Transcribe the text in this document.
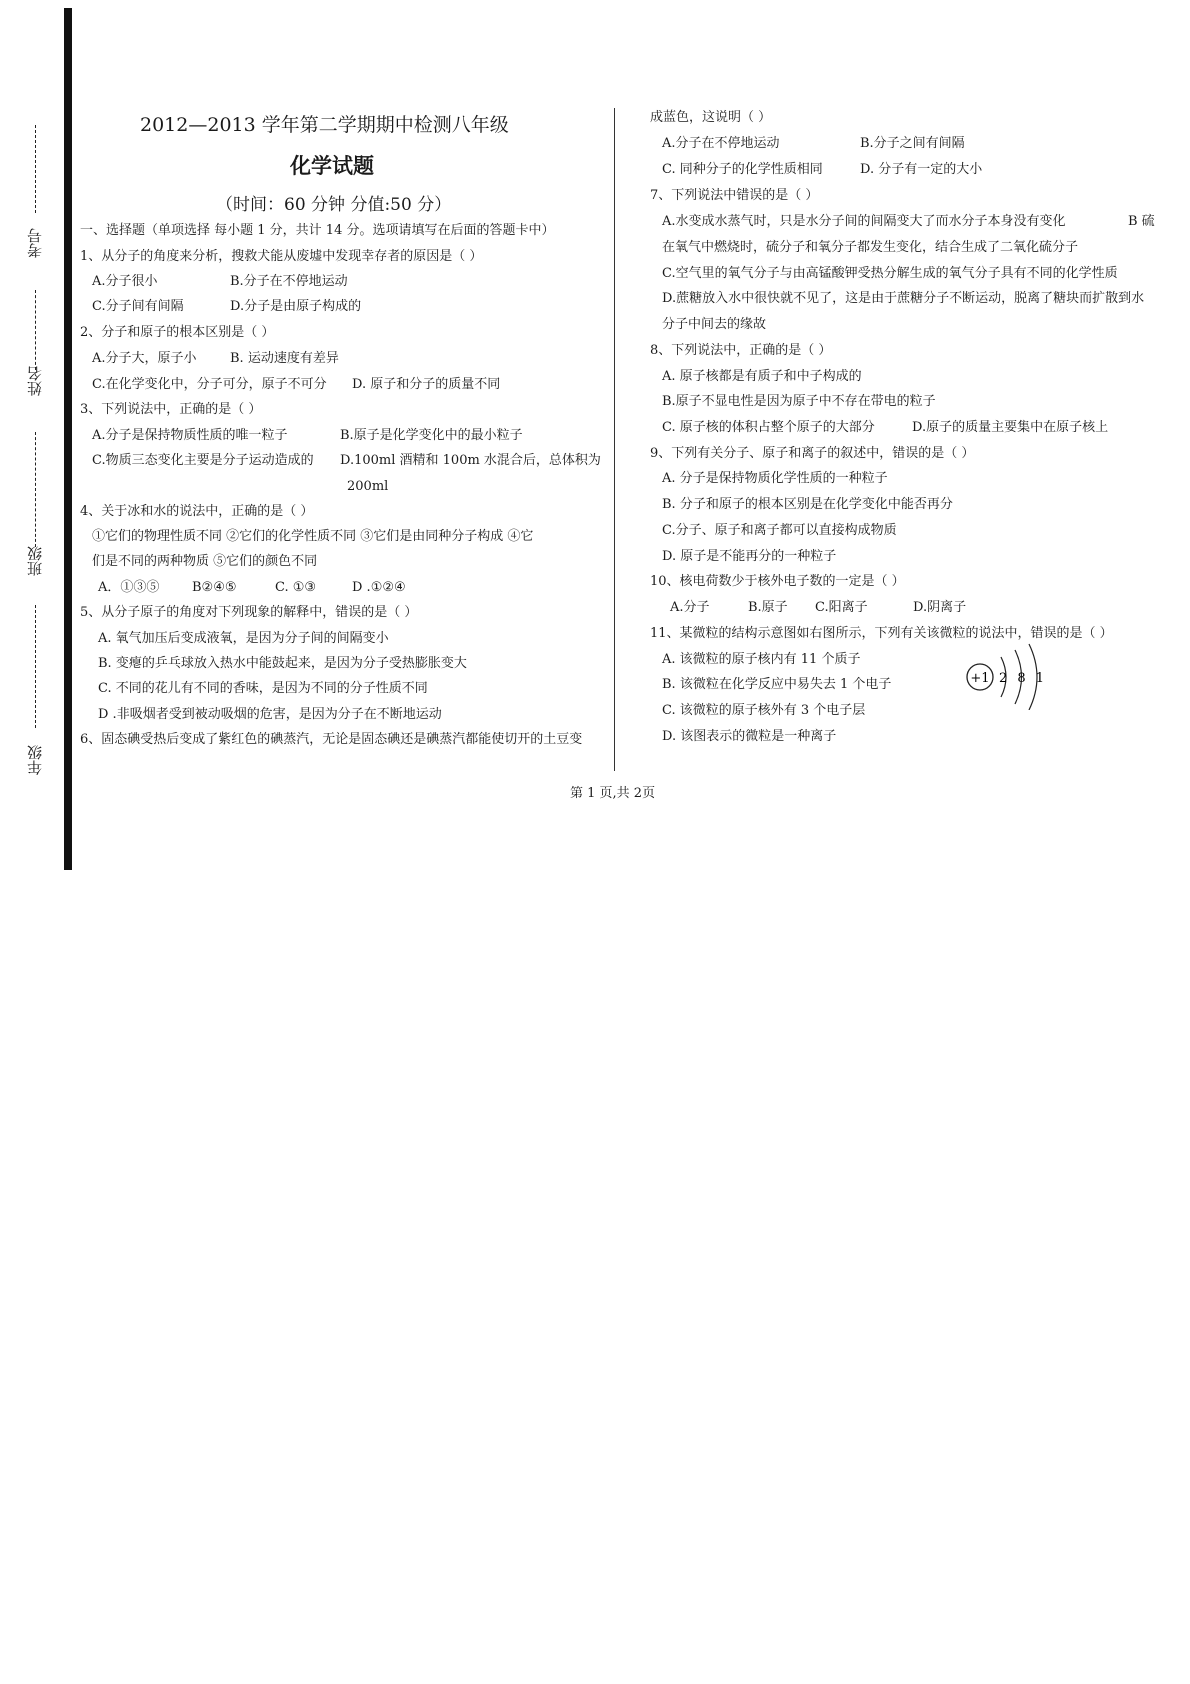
考号
姓名
班级
年级
2012—2013 学年第二学期期中检测八年级
化学试题
（时间：60 分钟 分值:50 分）
一、选择题（单项选择 每小题 1 分，共计 14 分。选项请填写在后面的答题卡中）
1、从分子的角度来分析，搜救犬能从废墟中发现幸存者的原因是（ ）
A.分子很小	B.分子在不停地运动
C.分子间有间隔	D.分子是由原子构成的
2、分子和原子的根本区别是（ ）
A.分子大，原子小	B. 运动速度有差异
C.在化学变化中，分子可分，原子不可分 D. 原子和分子的质量不同
3、下列说法中，正确的是（ ）
A.分子是保持物质性质的唯一粒子	B.原子是化学变化中的最小粒子
C.物质三态变化主要是分子运动造成的 D.100ml 酒精和 100m 水混合后，总体积为
200ml
4、关于冰和水的说法中，正确的是（ ）
①它们的物理性质不同 ②它们的化学性质不同 ③它们是由同种分子构成 ④它
们是不同的两种物质 ⑤它们的颜色不同
A．①③⑤	B②④⑤	C. ①③	D .①②④
5、从分子原子的角度对下列现象的解释中，错误的是（ ）
A. 氧气加压后变成液氧，是因为分子间的间隔变小
B. 变瘪的乒乓球放入热水中能鼓起来，是因为分子受热膨胀变大
C. 不同的花儿有不同的香味，是因为不同的分子性质不同
D .非吸烟者受到被动吸烟的危害，是因为分子在不断地运动
6、固态碘受热后变成了紫红色的碘蒸汽，无论是固态碘还是碘蒸汽都能使切开的土豆变
成蓝色，这说明（ ）
A.分子在不停地运动	B.分子之间有间隔
C. 同种分子的化学性质相同	D. 分子有一定的大小
7、下列说法中错误的是（ ）
A.水变成水蒸气时，只是水分子间的间隔变大了而水分子本身没有变化	B 硫
在氧气中燃烧时，硫分子和氧分子都发生变化，结合生成了二氧化硫分子
C.空气里的氧气分子与由高锰酸钾受热分解生成的氧气分子具有不同的化学性质
D.蔗糖放入水中很快就不见了，这是由于蔗糖分子不断运动，脱离了糖块而扩散到水
分子中间去的缘故
8、下列说法中，正确的是（ ）
A. 原子核都是有质子和中子构成的
B.原子不显电性是因为原子中不存在带电的粒子
C. 原子核的体积占整个原子的大部分	D.原子的质量主要集中在原子核上
9、下列有关分子、原子和离子的叙述中，错误的是（ ）
A. 分子是保持物质化学性质的一种粒子
B. 分子和原子的根本区别是在化学变化中能否再分
C.分子、原子和离子都可以直接构成物质
D. 原子是不能再分的一种粒子
10、核电荷数少于核外电子数的一定是（ ）
A.分子	B.原子 C.阳离子	D.阴离子
11、某微粒的结构示意图如右图所示，下列有关该微粒的说法中，错误的是（ ）
A. 该微粒的原子核内有 11 个质子
B. 该微粒在化学反应中易失去 1 个电子
C. 该微粒的原子核外有 3 个电子层
D. 该图表示的微粒是一种离子
+1 2 8 1
第 1 页,共 2页
